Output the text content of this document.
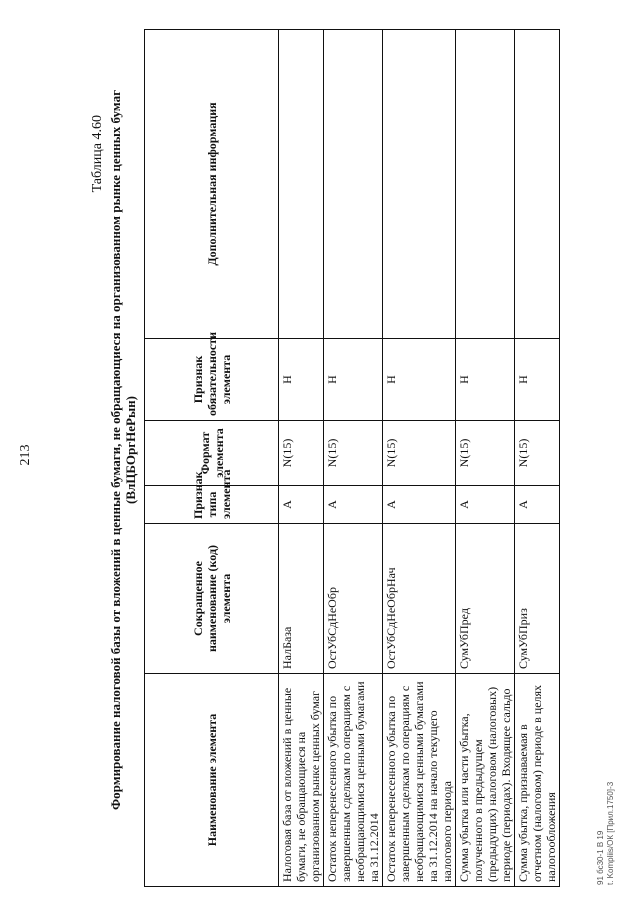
213
Таблица 4.60 Формирование налоговой базы от вложений в ценные бумаги, не обращающиеся на организованном рынке ценных бумаг (ВлЦБОргНеРын)
Наименование элемента	Сокращенное наименование (код) элемента	Признак типа элемента	Формат элемента	Признак обязательности элемента	Дополнительная информация
Налоговая база от вложений в ценные бумаги, не обращающиеся на организованном рынке ценных бумаг	НалБаза	А	N(15)	Н	
Остаток неперенесенного убытка по завершенным сделкам по операциям с необращающимися ценными бумагами на 31.12.2014	ОстУбСдНеОбр	А	N(15)	Н	
Остаток неперенесенного убытка по завершенным сделкам по операциям с необращающимися ценными бумагами на 31.12.2014 на начало текущего налогового периода	ОстУбСдНеОбрНач	А	N(15)	Н	
Сумма убытка или части убытка, полученного в предыдущем (предыдущих) налоговом (налоговых) периоде (периодах). Входящее сальдо	СумУбПред	А	N(15)	Н	
Сумма убытка, признаваемая в отчетном (налоговом) периоде в целях налогообложения	СумУбПриз	А	N(15)	Н	
91 бс30-1 В 19 t. Kompliis/ОК [Прил.1750]-3
